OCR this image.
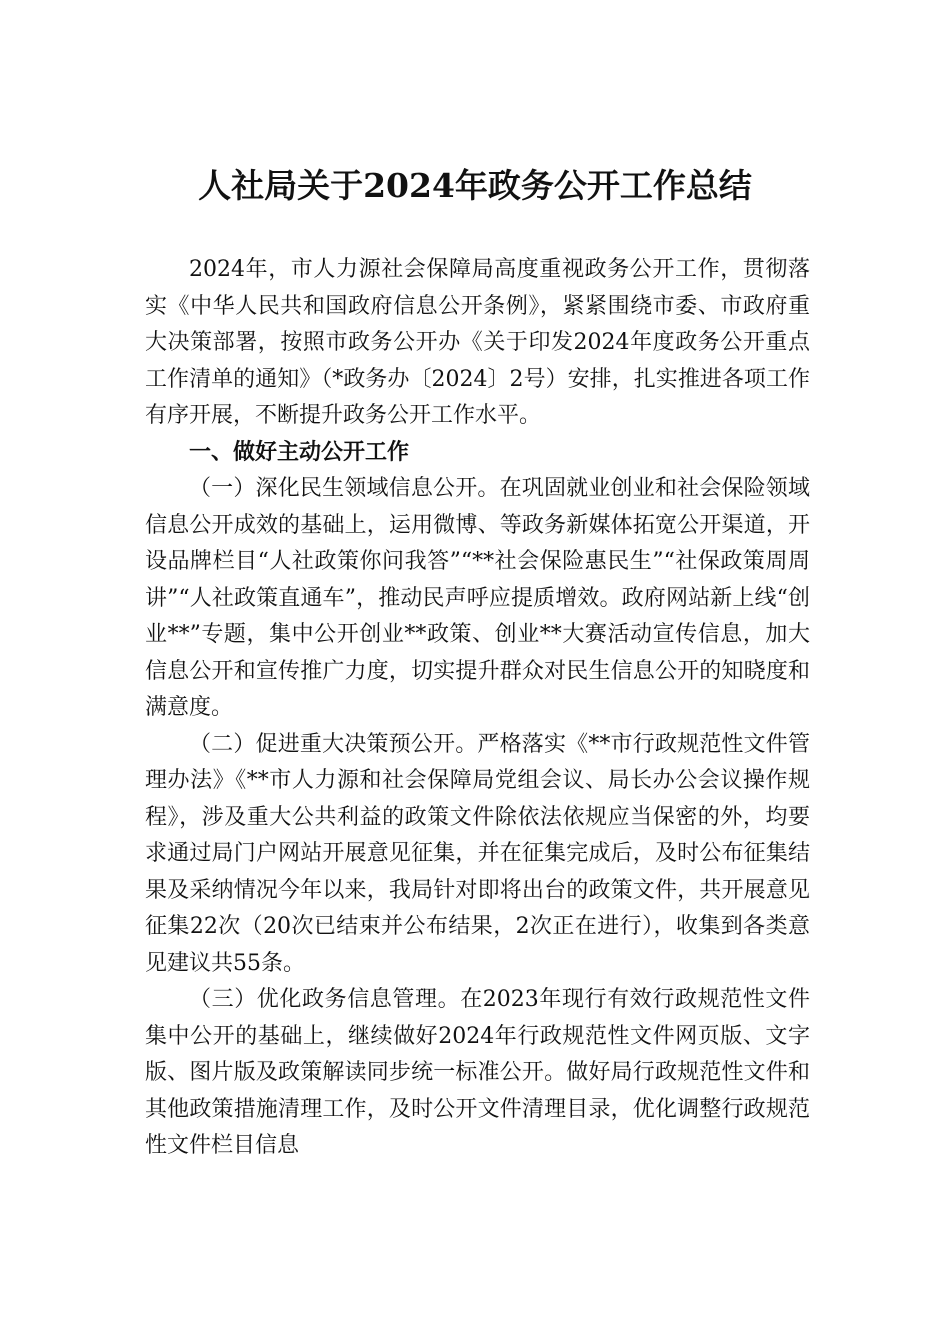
人社局关于2024年政务公开工作总结

2024年，市人力源社会保障局高度重视政务公开工作，贯彻落实《中华人民共和国政府信息公开条例》，紧紧围绕市委、市政府重大决策部署，按照市政务公开办《关于印发2024年度政务公开重点工作清单的通知》（*政务办〔2024〕2号）安排，扎实推进各项工作有序开展，不断提升政务公开工作水平。

一、做好主动公开工作

（一）深化民生领域信息公开。在巩固就业创业和社会保险领域信息公开成效的基础上，运用微博、等政务新媒体拓宽公开渠道，开设品牌栏目“人社政策你问我答”“**社会保险惠民生”“社保政策周周讲”“人社政策直通车”，推动民声呼应提质增效。政府网站新上线“创业**”专题，集中公开创业**政策、创业**大赛活动宣传信息，加大信息公开和宣传推广力度，切实提升群众对民生信息公开的知晓度和满意度。

（二）促进重大决策预公开。严格落实《**市行政规范性文件管理办法》《**市人力源和社会保障局党组会议、局长办公会议操作规程》，涉及重大公共利益的政策文件除依法依规应当保密的外，均要求通过局门户网站开展意见征集，并在征集完成后，及时公布征集结果及采纳情况今年以来，我局针对即将出台的政策文件，共开展意见征集22次（20次已结束并公布结果，2次正在进行），收集到各类意见建议共55条。

（三）优化政务信息管理。在2023年现行有效行政规范性文件集中公开的基础上，继续做好2024年行政规范性文件网页版、文字版、图片版及政策解读同步统一标准公开。做好局行政规范性文件和其他政策措施清理工作，及时公开文件清理目录，优化调整行政规范性文件栏目信息
